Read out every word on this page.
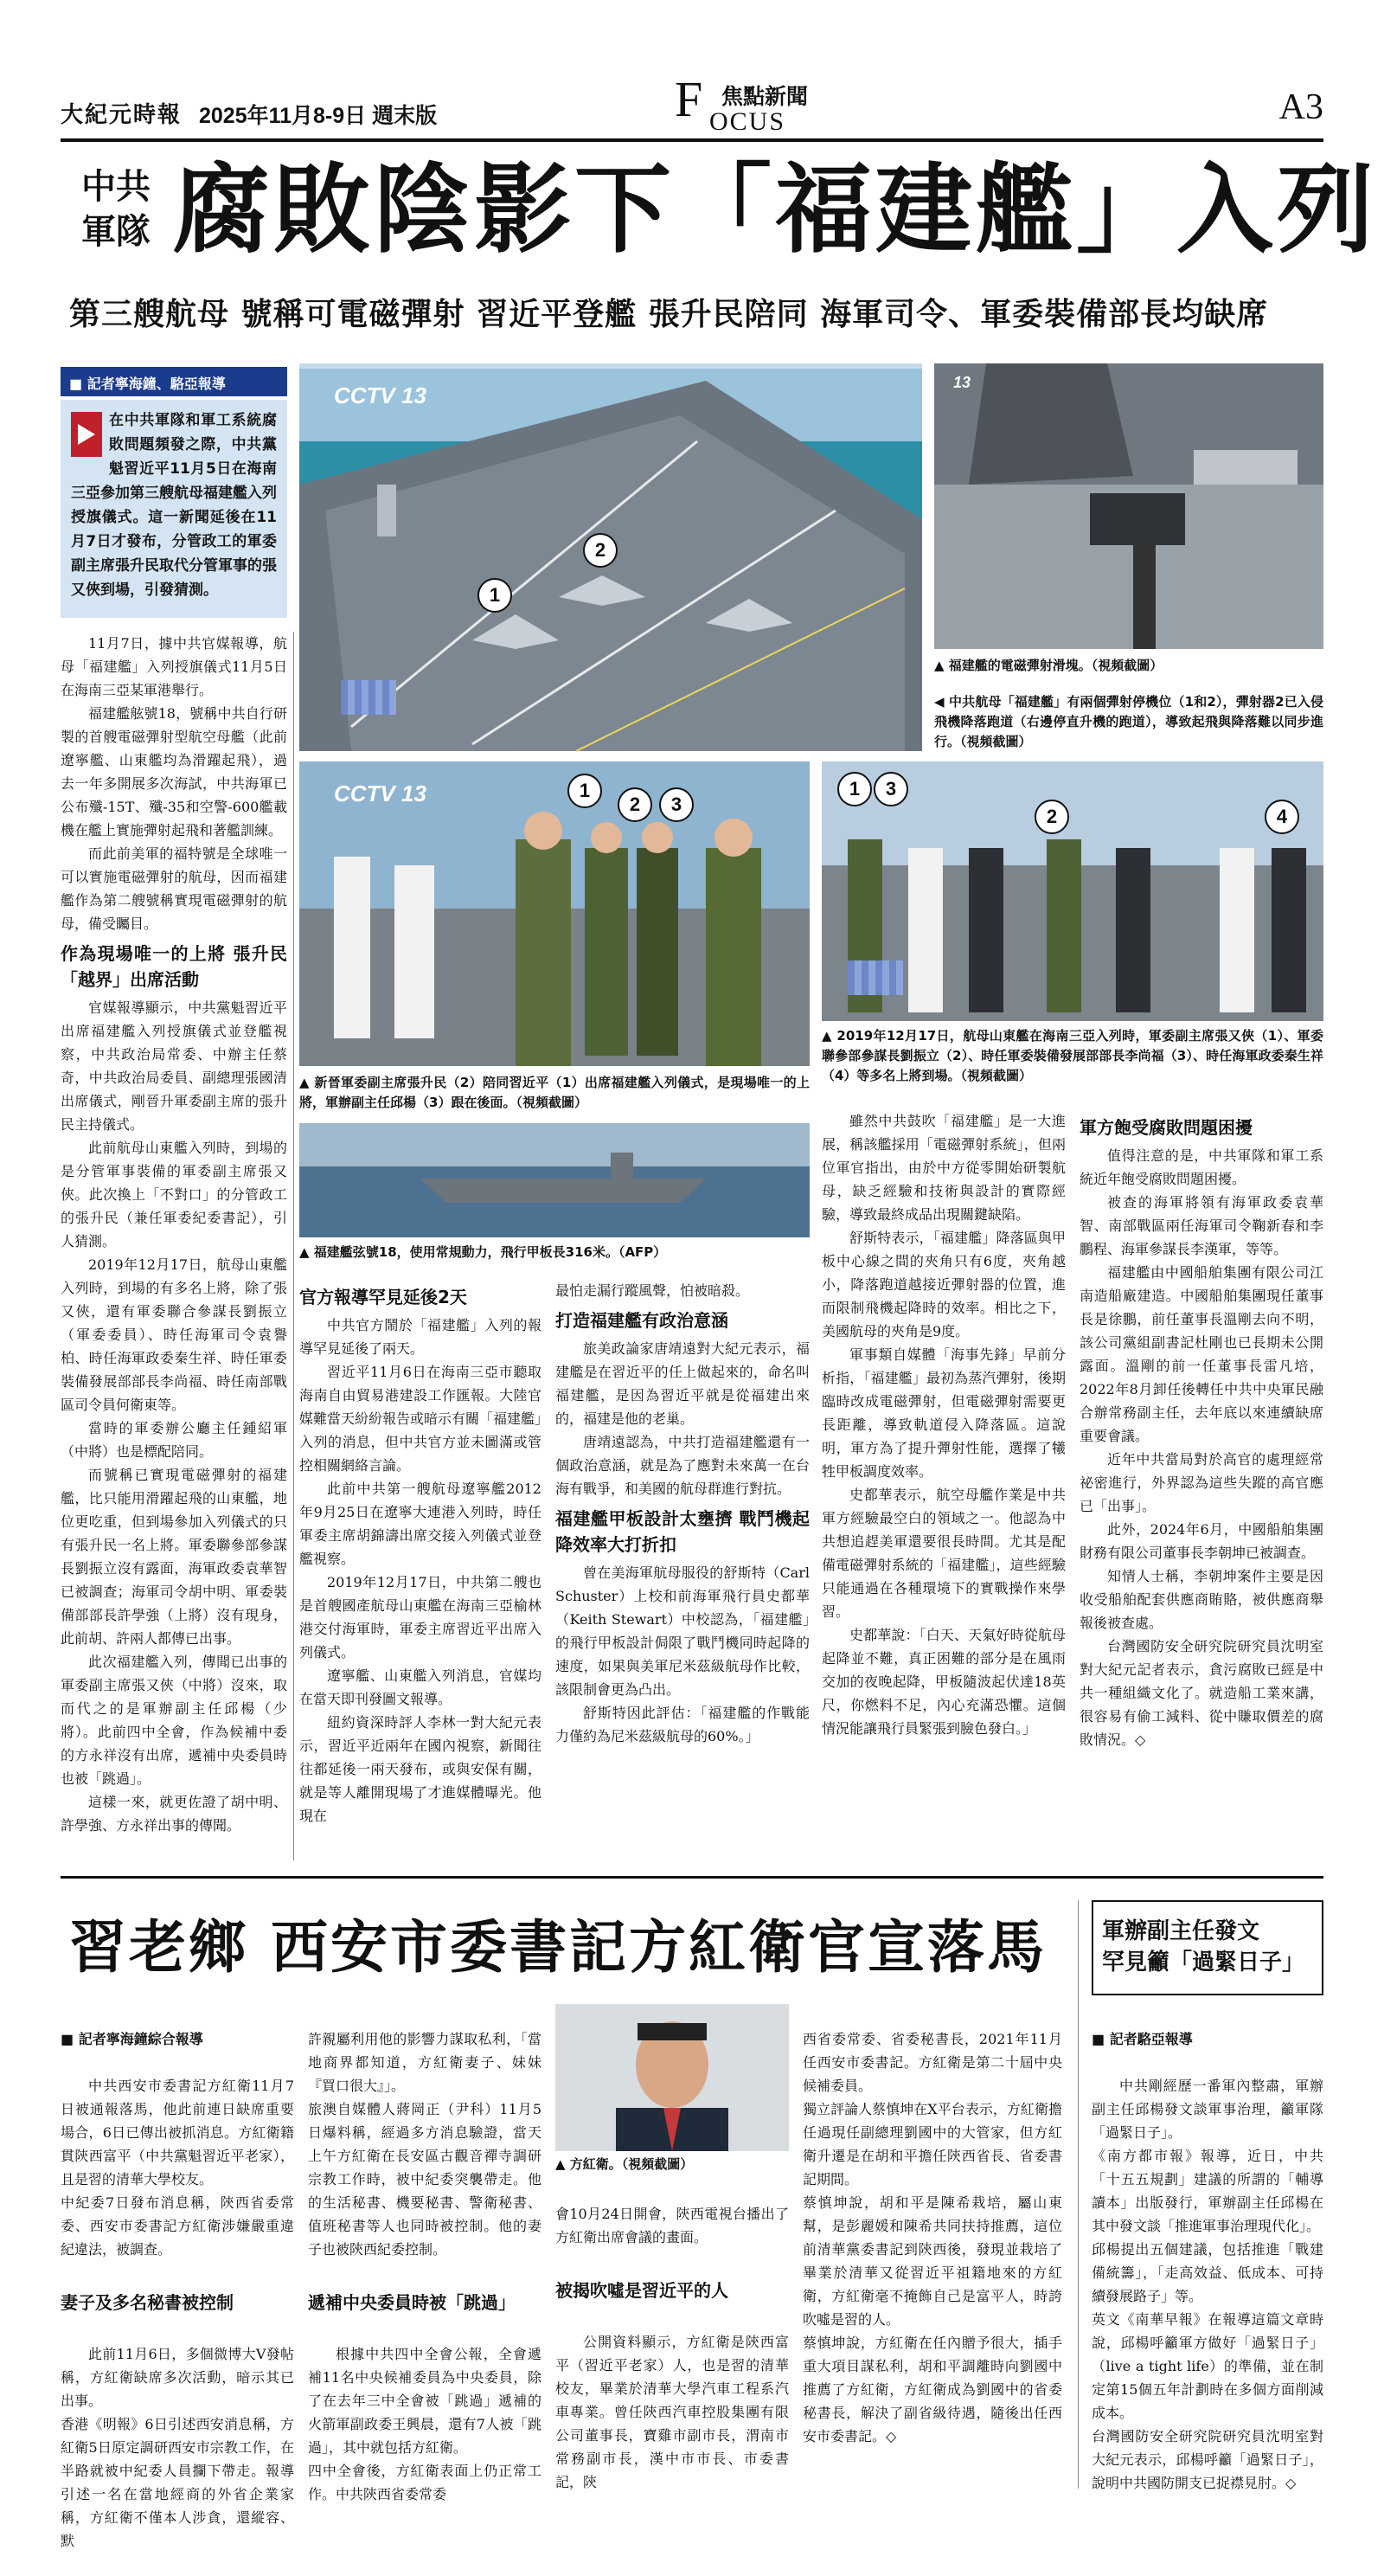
大紀元時報 2025年11月8-9日 週末版	F 焦點新聞
OCUS	A3
中共
軍隊 腐敗陰影下「福建艦」入列
第三艘航母 號稱可電磁彈射 習近平登艦 張升民陪同 海軍司令、軍委裝備部長均缺席
■ 記者寧海鐘、駱亞報導
在中共軍隊和軍工系統腐敗問題頻發之際，中共黨魁習近平11月5日在海南三亞參加第三艘航母福建艦入列授旗儀式。這一新聞延後在11月7日才發布，分管政工的軍委副主席張升民取代分管軍事的張又俠到場，引發猜測。
CCTV 13
1
2
13
▲ 福建艦的電磁彈射滑塊。（視頻截圖）
◀ 中共航母「福建艦」有兩個彈射停機位（1和2），彈射器2已入侵飛機降落跑道（右邊停直升機的跑道），導致起飛與降落難以同步進行。（視頻截圖）
CCTV 13	1
2	3
1	3
2	4
▲ 新晉軍委副主席張升民（2）陪同習近平（1）出席福建艦入列儀式，是現場唯一的上將，軍辦副主任邱楊（3）跟在後面。（視頻截圖）
▲ 2019年12月17日，航母山東艦在海南三亞入列時，軍委副主席張又俠（1）、軍委聯參部參謀長劉振立（2）、時任軍委裝備發展部部長李尚福（3）、時任海軍政委秦生祥（4）等多名上將到場。（視頻截圖）
▲ 福建艦弦號18，使用常規動力，飛行甲板長316米。（AFP）

11月7日，據中共官媒報導，航母「福建艦」入列授旗儀式11月5日在海南三亞某軍港舉行。

福建艦舷號18，號稱中共自行研製的首艘電磁彈射型航空母艦（此前遼寧艦、山東艦均為滑躍起飛），過去一年多開展多次海試，中共海軍已公布殲-15T、殲-35和空警-600艦載機在艦上實施彈射起飛和著艦訓練。

而此前美軍的福特號是全球唯一可以實施電磁彈射的航母，因而福建艦作為第二艘號稱實現電磁彈射的航母，備受矚目。

作為現場唯一的上將 張升民「越界」出席活動

官媒報導顯示，中共黨魁習近平出席福建艦入列授旗儀式並登艦視察，中共政治局常委、中辦主任蔡奇，中共政治局委員、副總理張國清出席儀式，剛晉升軍委副主席的張升民主持儀式。

此前航母山東艦入列時，到場的是分管軍事裝備的軍委副主席張又俠。此次換上「不對口」的分管政工的張升民（兼任軍委紀委書記），引人猜測。

2019年12月17日，航母山東艦入列時，到場的有多名上將，除了張又俠，還有軍委聯合參謀長劉振立（軍委委員）、時任海軍司令袁譽柏、時任海軍政委秦生祥、時任軍委裝備發展部部長李尚福、時任南部戰區司令員何衛東等。

當時的軍委辦公廳主任鍾紹軍（中將）也是標配陪同。

而號稱已實現電磁彈射的福建艦，比只能用滑躍起飛的山東艦，地位更吃重，但到場參加入列儀式的只有張升民一名上將。軍委聯參部參謀長劉振立沒有露面，海軍政委袁華智已被調查；海軍司令胡中明、軍委裝備部部長許學強（上將）沒有現身，此前胡、許兩人都傳已出事。

此次福建艦入列，傳聞已出事的軍委副主席張又俠（中將）沒來，取而代之的是軍辦副主任邱楊（少將）。此前四中全會，作為候補中委的方永祥沒有出席，遞補中央委員時也被「跳過」。

這樣一來，就更佐證了胡中明、許學強、方永祥出事的傳聞。

官方報導罕見延後2天

中共官方鬧於「福建艦」入列的報導罕見延後了兩天。

習近平11月6日在海南三亞市聽取海南自由貿易港建設工作匯報。大陸官媒難當天紛紛報告或暗示有關「福建艦」入列的消息，但中共官方並未圖滿或管控相關網絡言論。

此前中共第一艘航母遼寧艦2012年9月25日在遼寧大連港入列時，時任軍委主席胡錦濤出席交接入列儀式並登艦視察。

2019年12月17日，中共第二艘也是首艘國產航母山東艦在海南三亞榆林港交付海軍時，軍委主席習近平出席入列儀式。

遼寧艦、山東艦入列消息，官媒均在當天即刊發圖文報導。

紐約資深時評人李林一對大紀元表示，習近平近兩年在國內視察，新聞往往都延後一兩天發布，或與安保有關，就是等人離開現場了才進媒體曝光。他現在

最怕走漏行蹤風聲，怕被暗殺。

打造福建艦有政治意涵

旅美政論家唐靖遠對大紀元表示，福建艦是在習近平的任上做起來的，命名叫福建艦，是因為習近平就是從福建出來的，福建是他的老巢。

唐靖遠認為，中共打造福建艦還有一個政治意涵，就是為了應對未來萬一在台海有戰爭，和美國的航母群進行對抗。

福建艦甲板設計太壅擠 戰鬥機起降效率大打折扣

曾在美海軍航母服役的舒斯特（Carl Schuster）上校和前海軍飛行員史都華（Keith Stewart）中校認為，「福建艦」的飛行甲板設計侷限了戰鬥機同時起降的速度，如果與美軍尼米茲級航母作比較，該限制會更為凸出。

舒斯特因此評估：「福建艦的作戰能力僅約為尼米茲級航母的60%。」

雖然中共鼓吹「福建艦」是一大進展，稱該艦採用「電磁彈射系統」，但兩位軍官指出，由於中方從零開始研製航母，缺乏經驗和技術與設計的實際經驗，導致最終成品出現關鍵缺陷。

舒斯特表示，「福建艦」降落區與甲板中心線之間的夾角只有6度，夾角越小，降落跑道越接近彈射器的位置，進而限制飛機起降時的效率。相比之下，美國航母的夾角是9度。

軍事類自媒體「海事先鋒」早前分析指，「福建艦」最初為蒸汽彈射，後期臨時改成電磁彈射，但電磁彈射需要更長距離，導致軌道侵入降落區。這說明，軍方為了提升彈射性能，選擇了犧牲甲板調度效率。

史都華表示，航空母艦作業是中共軍方經驗最空白的領域之一。他認為中共想追趕美軍還要很長時間。尤其是配備電磁彈射系統的「福建艦」，這些經驗只能通過在各種環境下的實戰操作來學習。

史都華說：「白天、天氣好時從航母起降並不難，真正困難的部分是在風雨交加的夜晚起降，甲板隨波起伏達18英尺，你燃料不足，內心充滿恐懼。這個情況能讓飛行員緊張到臉色發白。」

軍方飽受腐敗問題困擾

值得注意的是，中共軍隊和軍工系統近年飽受腐敗問題困擾。

被查的海軍將領有海軍政委袁華智、南部戰區兩任海軍司令鞠新春和李鵬程、海軍參謀長李漢軍，等等。

福建艦由中國船舶集團有限公司江南造船廠建造。中國船舶集團現任董事長是徐鵬，前任董事長溫剛去向不明，該公司黨組副書記杜剛也已長期未公開露面。溫剛的前一任董事長雷凡培，2022年8月卸任後轉任中共中央軍民融合辦常務副主任，去年底以來連續缺席重要會議。

近年中共當局對於高官的處理經常祕密進行，外界認為這些失蹤的高官應已「出事」。

此外，2024年6月，中國船舶集團財務有限公司董事長李朝坤已被調查。

知情人士稱，李朝坤案件主要是因收受船舶配套供應商賄賂，被供應商舉報後被查處。

台灣國防安全研究院研究員沈明室對大紀元記者表示，貪污腐敗已經是中共一種組織文化了。就造船工業來講，很容易有偷工減料、從中賺取價差的腐敗情況。◇

習老鄉 西安市委書記方紅衛官宣落馬	軍辦副主任發文
罕見籲「過緊日子」

■ 記者寧海鐘綜合報導

中共西安市委書記方紅衛11月7日被通報落馬，他此前連日缺席重要場合，6日已傳出被抓消息。方紅衛籍貫陝西富平（中共黨魁習近平老家），且是習的清華大學校友。
中紀委7日發布消息稱，陝西省委常委、西安市委書記方紅衛涉嫌嚴重違紀違法，被調查。

妻子及多名秘書被控制

此前11月6日，多個微博大V發帖稱，方紅衛缺席多次活動，暗示其已出事。
香港《明報》6日引述西安消息稱，方紅衛5日原定調研西安市宗教工作，在半路就被中紀委人員攔下帶走。報導引述一名在當地經商的外省企業家稱，方紅衛不僅本人涉貪，還縱容、默

許親屬利用他的影響力謀取私利，「當地商界都知道，方紅衛妻子、妹妹『買口很大』」。
旅澳自媒體人蔣岡正（尹科）11月5日爆料稱，經過多方消息驗證，當天上午方紅衛在長安區古觀音禪寺調研宗教工作時，被中紀委突襲帶走。他的生活秘書、機要秘書、警衛秘書、值班秘書等人也同時被控制。他的妻子也被陝西紀委控制。

遞補中央委員時被「跳過」

根據中共四中全會公報，全會遞補11名中央候補委員為中央委員，除了在去年三中全會被「跳過」遞補的火箭軍副政委王興晨，還有7人被「跳過」，其中就包括方紅衛。
四中全會後，方紅衛表面上仍正常工作。中共陝西省委常委

▲ 方紅衛。（視頻截圖）

會10月24日開會，陝西電視台播出了方紅衛出席會議的畫面。

被揭吹噓是習近平的人

公開資料顯示，方紅衛是陝西富平（習近平老家）人，也是習的清華校友，畢業於清華大學汽車工程系汽車專業。曾任陝西汽車控股集團有限公司董事長，寶雞市副市長，渭南市常務副市長，漢中市市長、市委書記，陝

西省委常委、省委秘書長，2021年11月任西安市委書記。方紅衛是第二十屆中央候補委員。
獨立評論人蔡慎坤在X平台表示，方紅衛擔任過現任副總理劉國中的大管家，但方紅衛升遷是在胡和平擔任陝西省長、省委書記期間。
蔡慎坤說，胡和平是陳希栽培，屬山東幫，是彭麗媛和陳希共同扶持推薦，這位前清華黨委書記到陝西後，發現並栽培了畢業於清華又從習近平祖籍地來的方紅衛，方紅衛毫不掩飾自己是富平人，時誇吹噓是習的人。
蔡慎坤說，方紅衛在任內贈予很大，插手重大項目謀私利，胡和平調離時向劉國中推薦了方紅衛，方紅衛成為劉國中的省委秘書長，解決了副省級待遇，隨後出任西安市委書記。◇

■ 記者駱亞報導

中共剛經歷一番軍內整肅，軍辦副主任邱楊發文談軍事治理，籲軍隊「過緊日子」。
《南方都市報》報導，近日，中共「十五五規劃」建議的所謂的「輔導讀本」出版發行，軍辦副主任邱楊在其中發文談「推進軍事治理現代化」。
邱楊提出五個建議，包括推進「戰建備統籌」，「走高效益、低成本、可持續發展路子」等。
英文《南華早報》在報導這篇文章時說，邱楊呼籲軍方做好「過緊日子」（live a tight life）的準備，並在制定第15個五年計劃時在多個方面削減成本。
台灣國防安全研究院研究員沈明室對大紀元表示，邱楊呼籲「過緊日子」，說明中共國防開支已捉襟見肘。◇
